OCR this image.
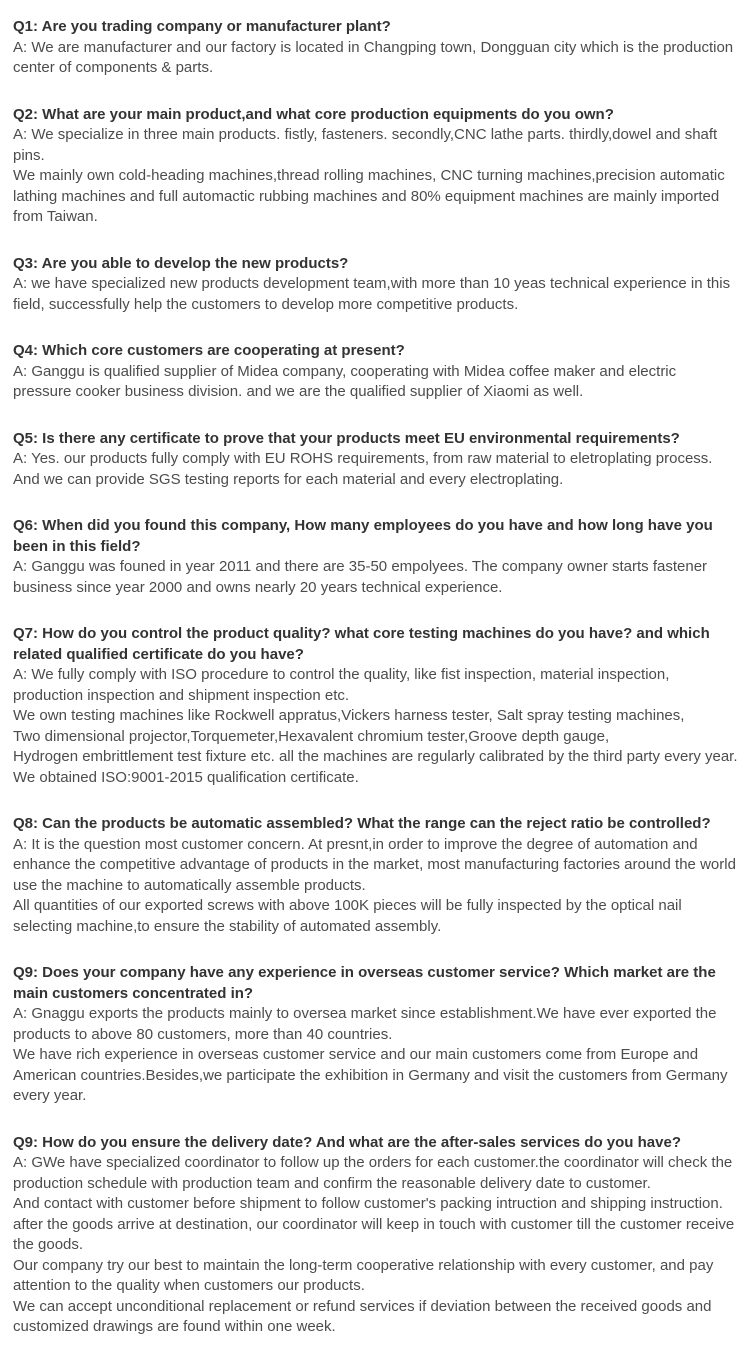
Q1: Are you trading company or manufacturer plant?
A: We are manufacturer and our factory is located in Changping town, Dongguan city which is the production center of components & parts.
Q2: What are your main product,and what core production equipments do you own?
A: We specialize in three main products. fistly, fasteners. secondly,CNC lathe parts. thirdly,dowel and shaft pins.
We mainly own cold-heading machines,thread rolling machines, CNC turning machines,precision automatic lathing machines and full automactic rubbing machines and 80% equipment machines are mainly imported from Taiwan.
Q3: Are you able to develop the new products?
A: we have specialized new products development team,with more than 10 yeas technical experience in this field, successfully help the customers to develop more competitive products.
Q4: Which core customers are cooperating at present?
A: Ganggu is qualified supplier of Midea company, cooperating with Midea coffee maker and electric pressure cooker business division. and we are the qualified supplier of Xiaomi as well.
Q5: Is there any certificate to prove that your products meet EU environmental requirements?
A: Yes. our products fully comply with EU ROHS requirements, from raw material to eletroplating process.
And we can provide SGS testing reports for each material and every electroplating.
Q6: When did you found this company, How many employees do you have and how long have you been in this field?
A: Ganggu was founed in year 2011 and there are 35-50 empolyees. The company owner starts fastener business since year 2000 and owns nearly 20 years technical experience.
Q7: How do you control the product quality? what core testing machines do you have? and which related qualified certificate do you have?
A: We fully comply with ISO procedure to control the quality, like fist inspection, material inspection, production inspection and shipment inspection etc.
We own testing machines like Rockwell appratus,Vickers harness tester, Salt spray testing machines,
Two dimensional projector,Torquemeter,Hexavalent chromium tester,Groove depth gauge,
Hydrogen embrittlement test fixture etc. all the machines are regularly calibrated by the third party every year.
We obtained ISO:9001-2015 qualification certificate.
Q8: Can the products be automatic assembled? What the range can the reject ratio be controlled?
A: It is the question most customer concern. At presnt,in order to improve the degree of automation and enhance the competitive advantage of products in the market, most manufacturing factories around the world use the machine to automatically assemble products.
All quantities of our exported screws with above 100K pieces will be fully inspected by the optical nail selecting machine,to ensure the stability of automated assembly.
Q9: Does your company have any experience in overseas customer service? Which market are the main customers concentrated in?
A: Gnaggu exports the products mainly to oversea market since establishment.We have ever exported the products to above 80 customers, more than 40 countries.
We have rich experience in overseas customer service and our main customers come from Europe and American countries.Besides,we participate the exhibition in Germany and visit the customers from Germany every year.
Q9: How do you ensure the delivery date? And what are the after-sales services do you have?
A: GWe have specialized coordinator to follow up the orders for each customer.the coordinator will check the production schedule with production team and confirm the reasonable delivery date to customer.
And contact with customer before shipment to follow customer's packing intruction and shipping instruction.
after the goods arrive at destination, our coordinator will keep in touch with customer till the customer receive the goods.
Our company try our best to maintain the long-term cooperative relationship with every customer, and pay attention to the quality when customers our products.
We can accept unconditional replacement or refund services if deviation between the received goods and customized drawings are found within one week.
